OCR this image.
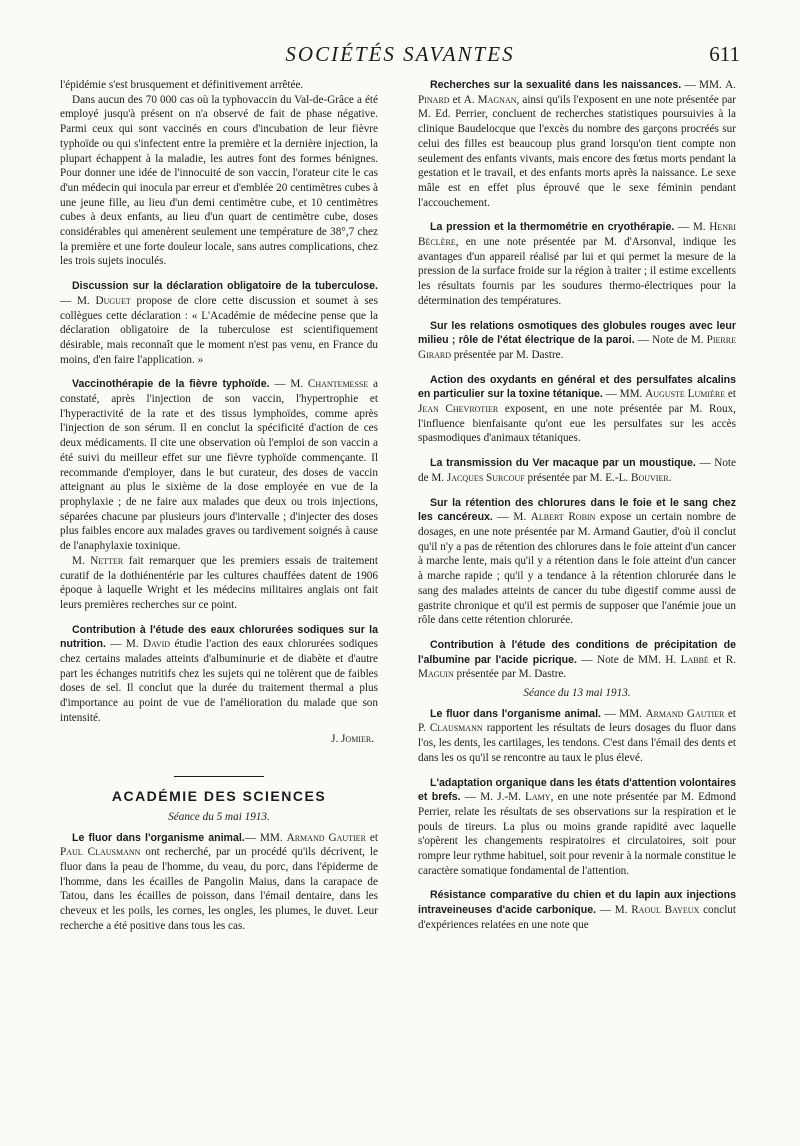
SOCIÉTÉS SAVANTES	611

l'épidémie s'est brusquement et définitivement arrêtée.

Dans aucun des 70 000 cas où la typhovaccin du Val-de-Grâce a été employé jusqu'à présent on n'a observé de fait de phase négative. Parmi ceux qui sont vaccinés en cours d'incubation de leur fièvre typhoïde ou qui s'infectent entre la première et la dernière injection, la plupart échappent à la maladie, les autres font des formes bénignes. Pour donner une idée de l'innocuité de son vaccin, l'orateur cite le cas d'un médecin qui inocula par erreur et d'emblée 20 centimètres cubes à une jeune fille, au lieu d'un demi centimètre cube, et 10 centimètres cubes à deux enfants, au lieu d'un quart de centimètre cube, doses considérables qui amenèrent seulement une température de 38°,7 chez la première et une forte douleur locale, sans autres complications, chez les trois sujets inoculés.

Discussion sur la déclaration obligatoire de la tuberculose. — M. Duguet propose de clore cette discussion et soumet à ses collègues cette déclaration : « L'Académie de médecine pense que la déclaration obligatoire de la tuberculose est scientifiquement désirable, mais reconnaît que le moment n'est pas venu, en France du moins, d'en faire l'application. »

Vaccinothérapie de la fièvre typhoïde. — M. Chantemesse a constaté, après l'injection de son vaccin, l'hypertrophie et l'hyperactivité de la rate et des tissus lymphoïdes, comme après l'injection de son sérum. Il en conclut la spécificité d'action de ces deux médicaments. Il cite une observation où l'emploi de son vaccin a été suivi du meilleur effet sur une fièvre typhoïde commençante. Il recommande d'employer, dans le but curateur, des doses de vaccin atteignant au plus le sixième de la dose employée en vue de la prophylaxie ; de ne faire aux malades que deux ou trois injections, séparées chacune par plusieurs jours d'intervalle ; d'injecter des doses plus faibles encore aux malades graves ou tardivement soignés à cause de l'anaphylaxie toxinique.

M. Netter fait remarquer que les premiers essais de traitement curatif de la dothiénentérie par les cultures chauffées datent de 1906 époque à laquelle Wright et les médecins militaires anglais ont fait leurs premières recherches sur ce point.

Contribution à l'étude des eaux chlorurées sodiques sur la nutrition. — M. David étudie l'action des eaux chlorurées sodiques chez certains malades atteints d'albuminurie et de diabète et d'autre part les échanges nutritifs chez les sujets qui ne tolèrent que de faibles doses de sel. Il conclut que la durée du traitement thermal a plus d'importance au point de vue de l'amélioration du malade que son intensité.

J. Jomier.

ACADÉMIE DES SCIENCES
Séance du 5 mai 1913.

Le fluor dans l'organisme animal.— MM. Armand Gautier et Paul Clausmann ont recherché, par un procédé qu'ils décrivent, le fluor dans la peau de l'homme, du veau, du porc, dans l'épiderme de l'homme, dans les écailles de Pangolin Maius, dans la carapace de Tatou, dans les écailles de poisson, dans l'émail dentaire, dans les cheveux et les poils, les cornes, les ongles, les plumes, le duvet. Leur recherche a été positive dans tous les cas.

Recherches sur la sexualité dans les naissances. — MM. A. Pinard et A. Magnan, ainsi qu'ils l'exposent en une note présentée par M. Ed. Perrier, concluent de recherches statistiques poursuivies à la clinique Baudelocque que l'excès du nombre des garçons procréés sur celui des filles est beaucoup plus grand lorsqu'on tient compte non seulement des enfants vivants, mais encore des fœtus morts pendant la gestation et le travail, et des enfants morts après la naissance. Le sexe mâle est en effet plus éprouvé que le sexe féminin pendant l'accouchement.

La pression et la thermométrie en cryothérapie. — M. Henri Béclère, en une note présentée par M. d'Arsonval, indique les avantages d'un appareil réalisé par lui et qui permet la mesure de la pression de la surface froide sur la région à traiter ; il estime excellents les résultats fournis par les soudures thermo-électriques pour la détermination des températures.

Sur les relations osmotiques des globules rouges avec leur milieu ; rôle de l'état électrique de la paroi. — Note de M. Pierre Girard présentée par M. Dastre.

Action des oxydants en général et des persulfates alcalins en particulier sur la toxine tétanique. — MM. Auguste Lumière et Jean Chevrotier exposent, en une note présentée par M. Roux, l'influence bienfaisante qu'ont eue les persulfates sur les accès spasmodiques d'animaux tétaniques.

La transmission du Ver macaque par un moustique. — Note de M. Jacques Surcouf présentée par M. E.-L. Bouvier.

Sur la rétention des chlorures dans le foie et le sang chez les cancéreux. — M. Albert Robin expose un certain nombre de dosages, en une note présentée par M. Armand Gautier, d'où il conclut qu'il n'y a pas de rétention des chlorures dans le foie atteint d'un cancer à marche lente, mais qu'il y a rétention dans le foie atteint d'un cancer à marche rapide ; qu'il y a tendance à la rétention chlorurée dans le sang des malades atteints de cancer du tube digestif comme aussi de gastrite chronique et qu'il est permis de supposer que l'anémie joue un rôle dans cette rétention chlorurée.

Contribution à l'étude des conditions de précipitation de l'albumine par l'acide picrique. — Note de MM. H. Labbé et R. Maguin présentée par M. Dastre.

Séance du 13 mai 1913.

Le fluor dans l'organisme animal. — MM. Armand Gautier et P. Clausmann rapportent les résultats de leurs dosages du fluor dans l'os, les dents, les cartilages, les tendons. C'est dans l'émail des dents et dans les os qu'il se rencontre au taux le plus élevé.

L'adaptation organique dans les états d'attention volontaires et brefs. — M. J.-M. Lamy, en une note présentée par M. Edmond Perrier, relate les résultats de ses observations sur la respiration et le pouls de tireurs. La plus ou moins grande rapidité avec laquelle s'opèrent les changements respiratoires et circulatoires, soit pour rompre leur rythme habituel, soit pour revenir à la normale constitue le caractère somatique fondamental de l'attention.

Résistance comparative du chien et du lapin aux injections intraveineuses d'acide carbonique. — M. Raoul Bayeux conclut d'expériences relatées en une note que
